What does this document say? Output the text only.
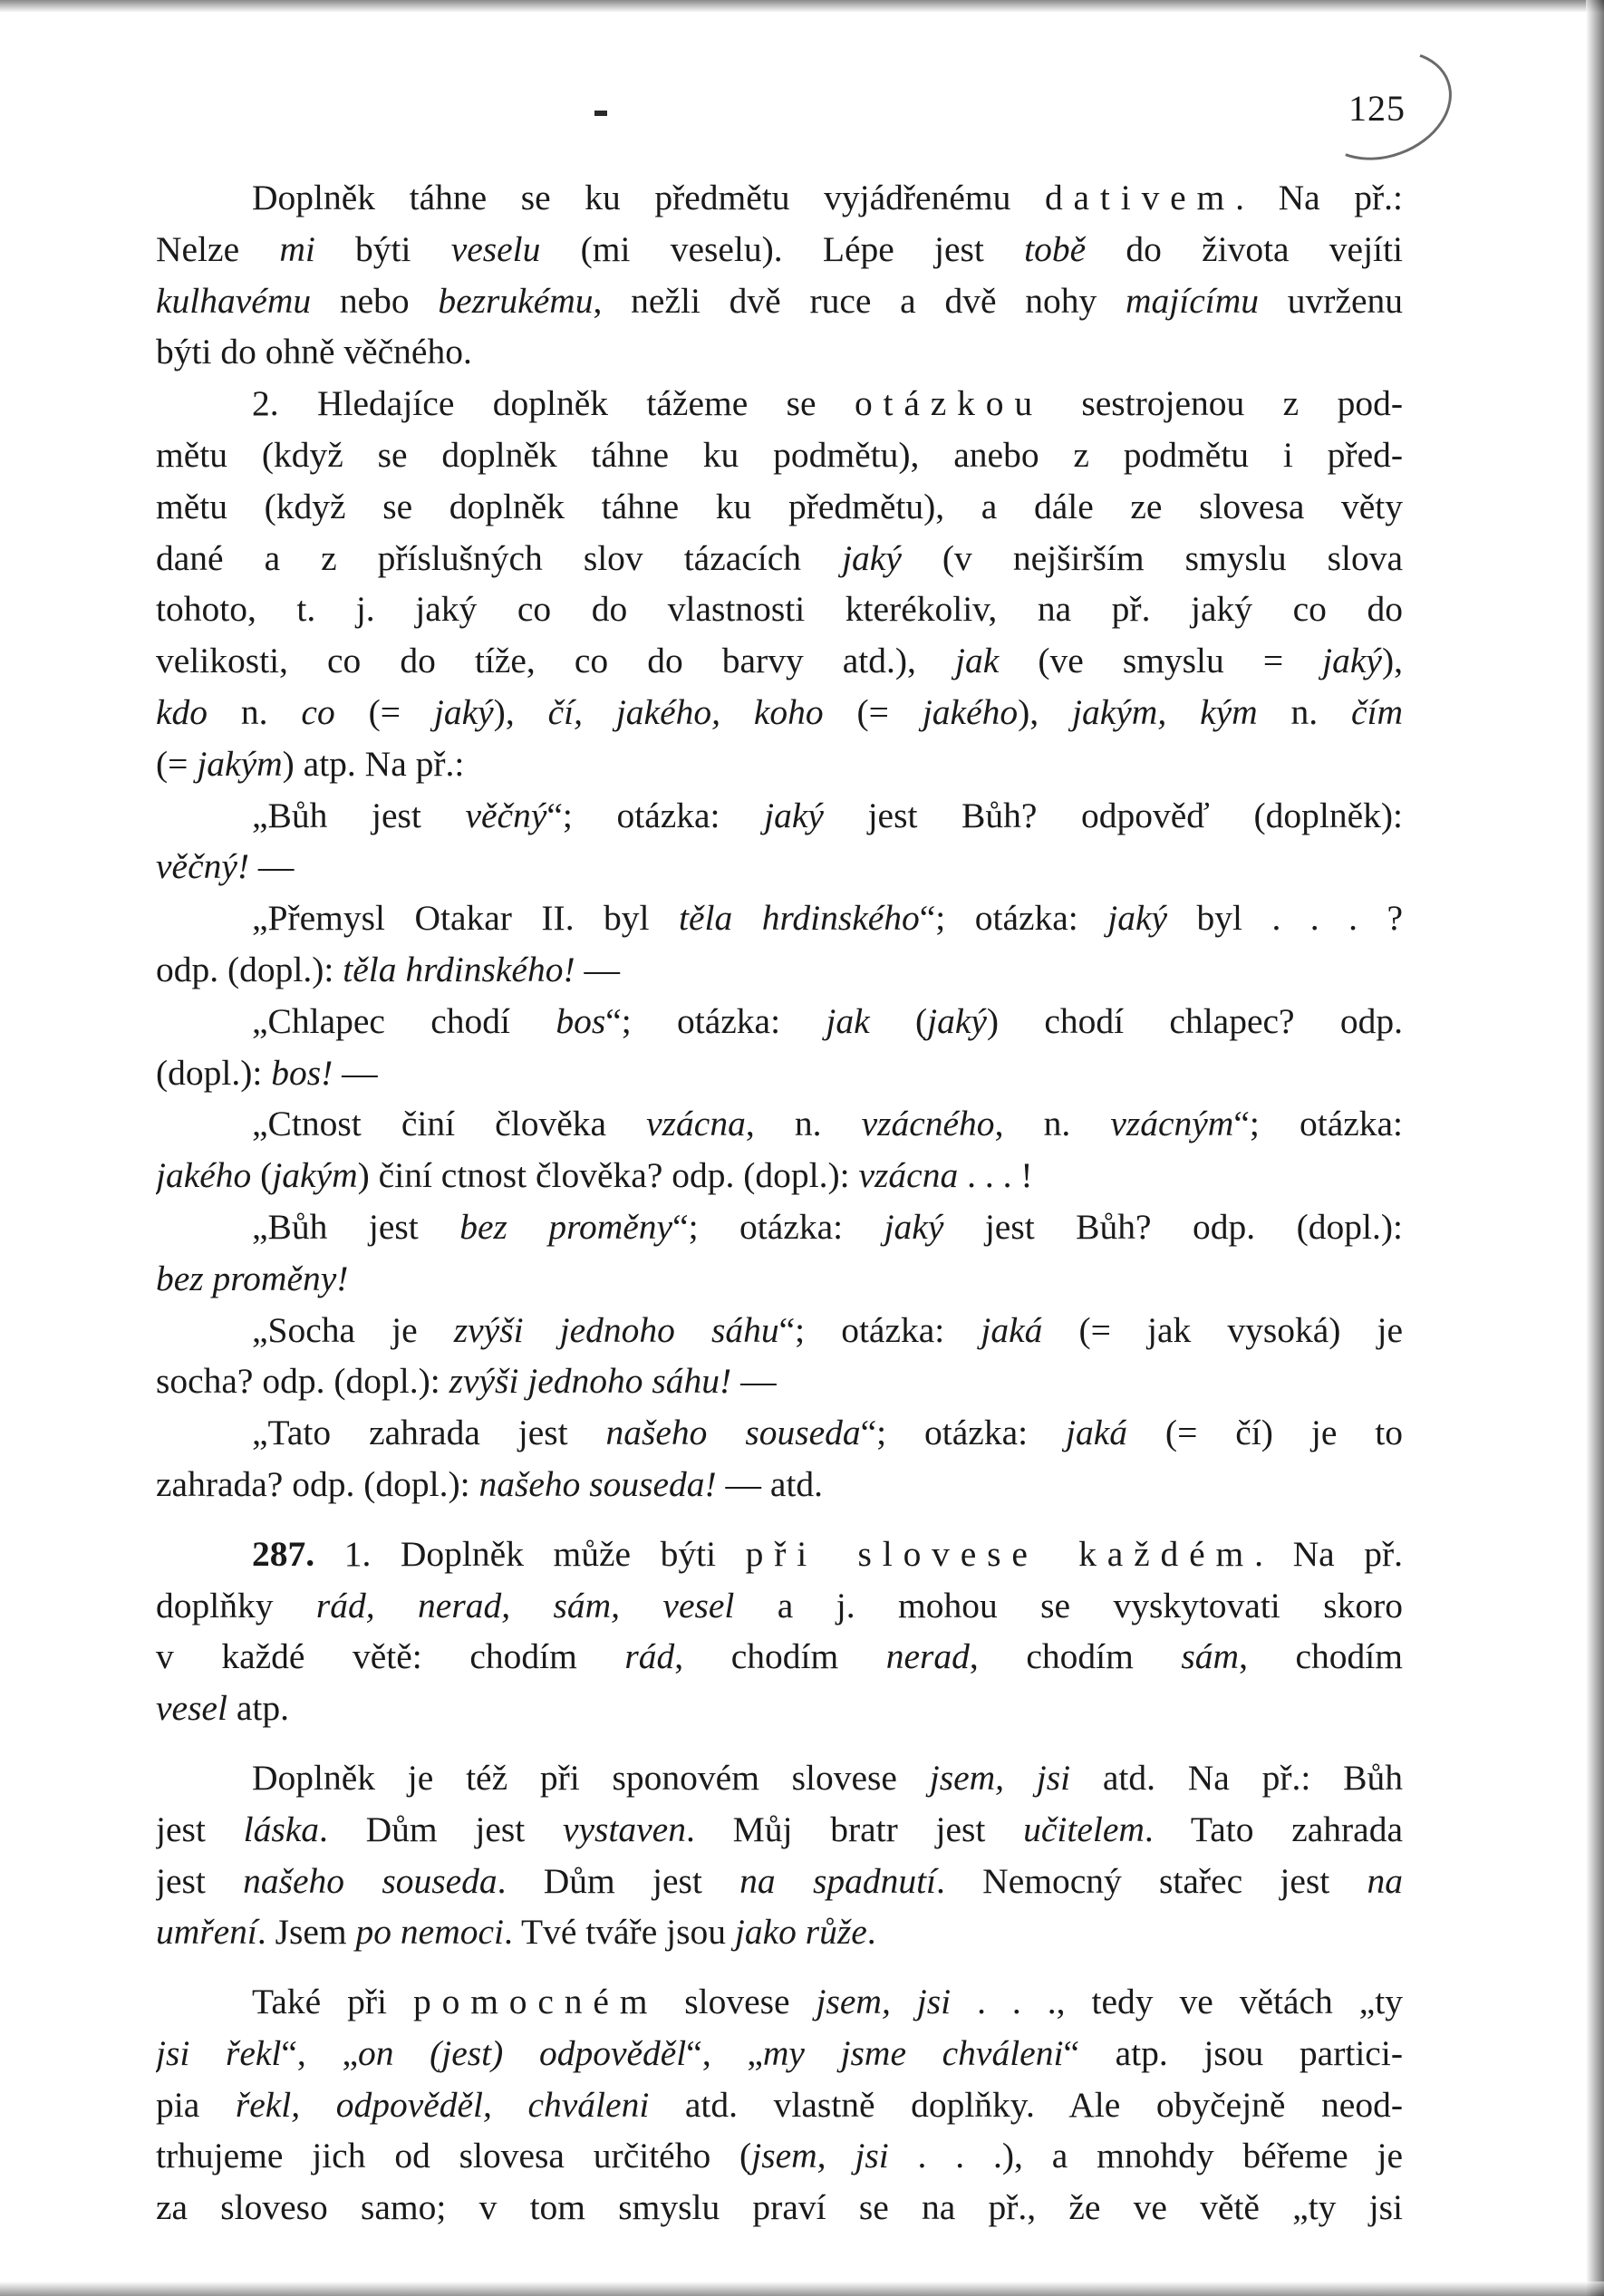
125
Doplněk táhne se ku předmětu vyjádřenému dativem. Na př.:
Nelze mi býti veselu (mi veselu). Lépe jest tobě do života vejíti
kulhavému nebo bezrukému, nežli dvě ruce a dvě nohy majícímu uvrženu
býti do ohně věčného.
2. Hledajíce doplněk tážeme se otázkou sestrojenou z pod-
mětu (když se doplněk táhne ku podmětu), anebo z podmětu i před-
mětu (když se doplněk táhne ku předmětu), a dále ze slovesa věty
dané a z příslušných slov tázacích jaký (v nejširším smyslu slova
tohoto, t. j. jaký co do vlastnosti kterékoliv, na př. jaký co do
velikosti, co do tíže, co do barvy atd.), jak (ve smyslu = jaký),
kdo n. co (= jaký), čí, jakého, koho (= jakého), jakým, kým n. čím
(= jakým) atp. Na př.:
„Bůh jest věčný“; otázka: jaký jest Bůh? odpověď (doplněk):
věčný! —
„Přemysl Otakar II. byl těla hrdinského“; otázka: jaký byl . . . ?
odp. (dopl.): těla hrdinského! —
„Chlapec chodí bos“; otázka: jak (jaký) chodí chlapec? odp.
(dopl.): bos! —
„Ctnost činí člověka vzácna, n. vzácného, n. vzácným“; otázka:
jakého (jakým) činí ctnost člověka? odp. (dopl.): vzácna . . . !
„Bůh jest bez proměny“; otázka: jaký jest Bůh? odp. (dopl.):
bez proměny!
„Socha je zvýši jednoho sáhu“; otázka: jaká (= jak vysoká) je
socha? odp. (dopl.): zvýši jednoho sáhu! —
„Tato zahrada jest našeho souseda“; otázka: jaká (= čí) je to
zahrada? odp. (dopl.): našeho souseda! — atd.
287. 1. Doplněk může býti při slovese každém. Na př.
doplňky rád, nerad, sám, vesel a j. mohou se vyskytovati skoro
v každé větě: chodím rád, chodím nerad, chodím sám, chodím
vesel atp.
Doplněk je též při sponovém slovese jsem, jsi atd. Na př.: Bůh
jest láska. Dům jest vystaven. Můj bratr jest učitelem. Tato zahrada
jest našeho souseda. Dům jest na spadnutí. Nemocný stařec jest na
umření. Jsem po nemoci. Tvé tváře jsou jako růže.
Také při pomocném slovese jsem, jsi . . ., tedy ve větách „ty
jsi řekl“, „on (jest) odpověděl“, „my jsme chváleni“ atp. jsou partici-
pia řekl, odpověděl, chváleni atd. vlastně doplňky. Ale obyčejně neod-
trhujeme jich od slovesa určitého (jsem, jsi . . .), a mnohdy béřeme je
za sloveso samo; v tom smyslu praví se na př., že ve větě „ty jsi
